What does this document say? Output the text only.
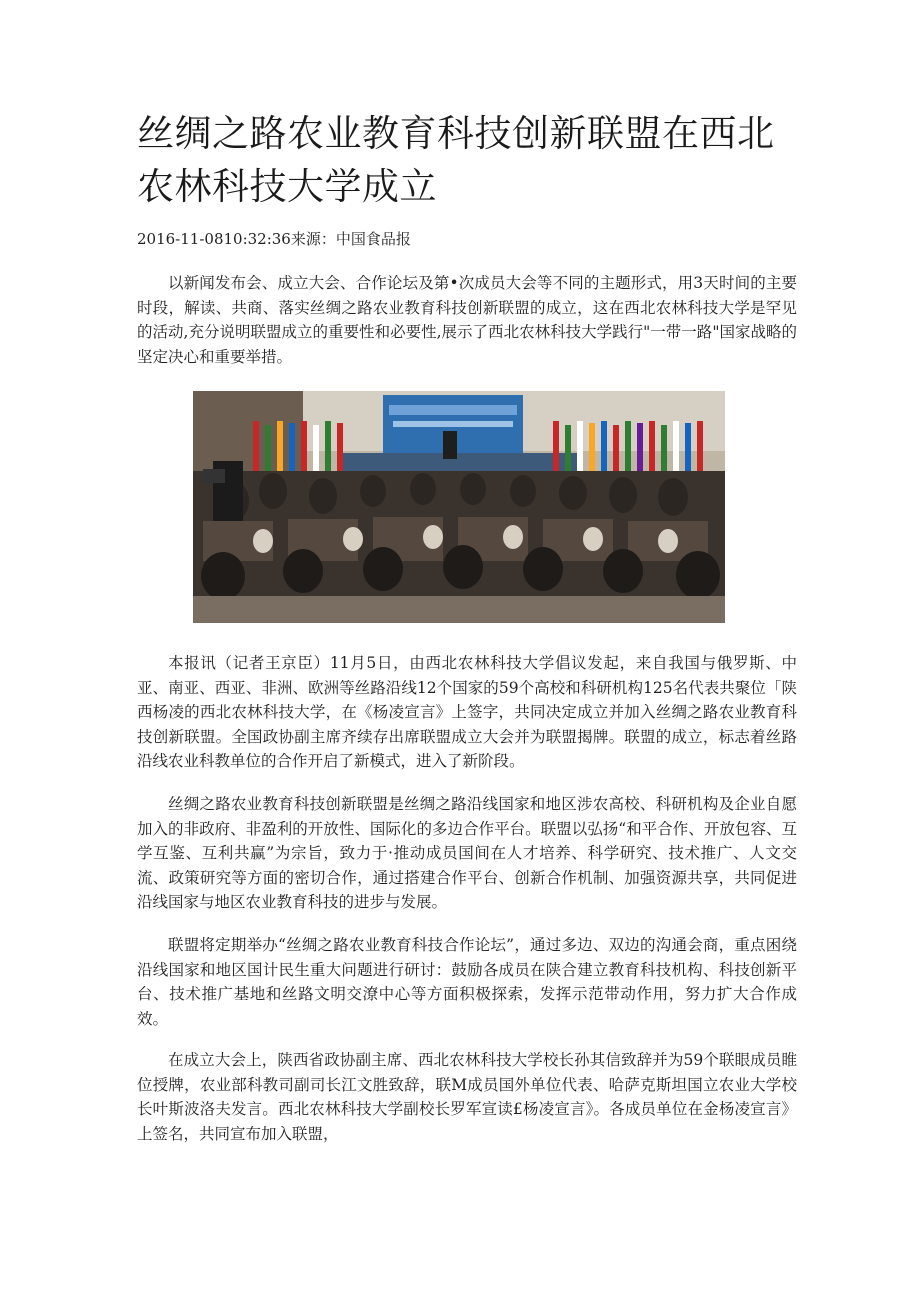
丝绸之路农业教育科技创新联盟在西北农林科技大学成立
2016-11-0810:32:36来源：中国食品报

以新闻发布会、成立大会、合作论坛及第•次成员大会等不同的主题形式，用3天时间的主要时段，解读、共商、落实丝绸之路农业教育科技创新联盟的成立，这在西北农林科技大学是罕见的活动,充分说明联盟成立的重要性和必要性,展示了西北农林科技大学践行"一带一路"国家战略的坚定决心和重要举措。

本报讯（记者王京臣）11月5日，由西北农林科技大学倡议发起，来自我国与俄罗斯、中亚、南亚、西亚、非洲、欧洲等丝路沿线12个国家的59个高校和科研机构125名代表共聚位「陕西杨凌的西北农林科技大学，在《杨凌宣言》上签字，共同决定成立并加入丝绸之路农业教育科技创新联盟。全国政协副主席齐续存出席联盟成立大会并为联盟揭牌。联盟的成立，标志着丝路沿线农业科教单位的合作开启了新模式，进入了新阶段。

丝绸之路农业教育科技创新联盟是丝绸之路沿线国家和地区涉农高校、科研机构及企业自愿加入的非政府、非盈利的开放性、国际化的多边合作平台。联盟以弘扬“和平合作、开放包容、互学互鉴、互利共赢”为宗旨，致力于·推动成员国间在人才培养、科学研究、技术推广、人文交流、政策研究等方面的密切合作，通过搭建合作平台、创新合作机制、加强资源共享，共同促进沿线国家与地区农业教育科技的进步与发展。

联盟将定期举办“丝绸之路农业教育科技合作论坛”，通过多边、双边的沟通会商，重点困绕沿线国家和地区国计民生重大问题进行研讨：鼓励各成员在陕合建立教育科技机构、科技创新平台、技术推广基地和丝路文明交潦中心等方面积极探索，发挥示范带动作用，努力扩大合作成效。

在成立大会上，陕西省政协副主席、西北农林科技大学校长孙其信致辞并为59个联眼成员睢位授牌，农业部科教司副司长江文胜致辞，联M成员国外单位代表、哈萨克斯坦国立农业大学校长叶斯波洛夫发言。西北农林科技大学副校长罗军宣读£杨凌宣言》。各成员单位在金杨凌宣言》上签名，共同宣布加入联盟，
